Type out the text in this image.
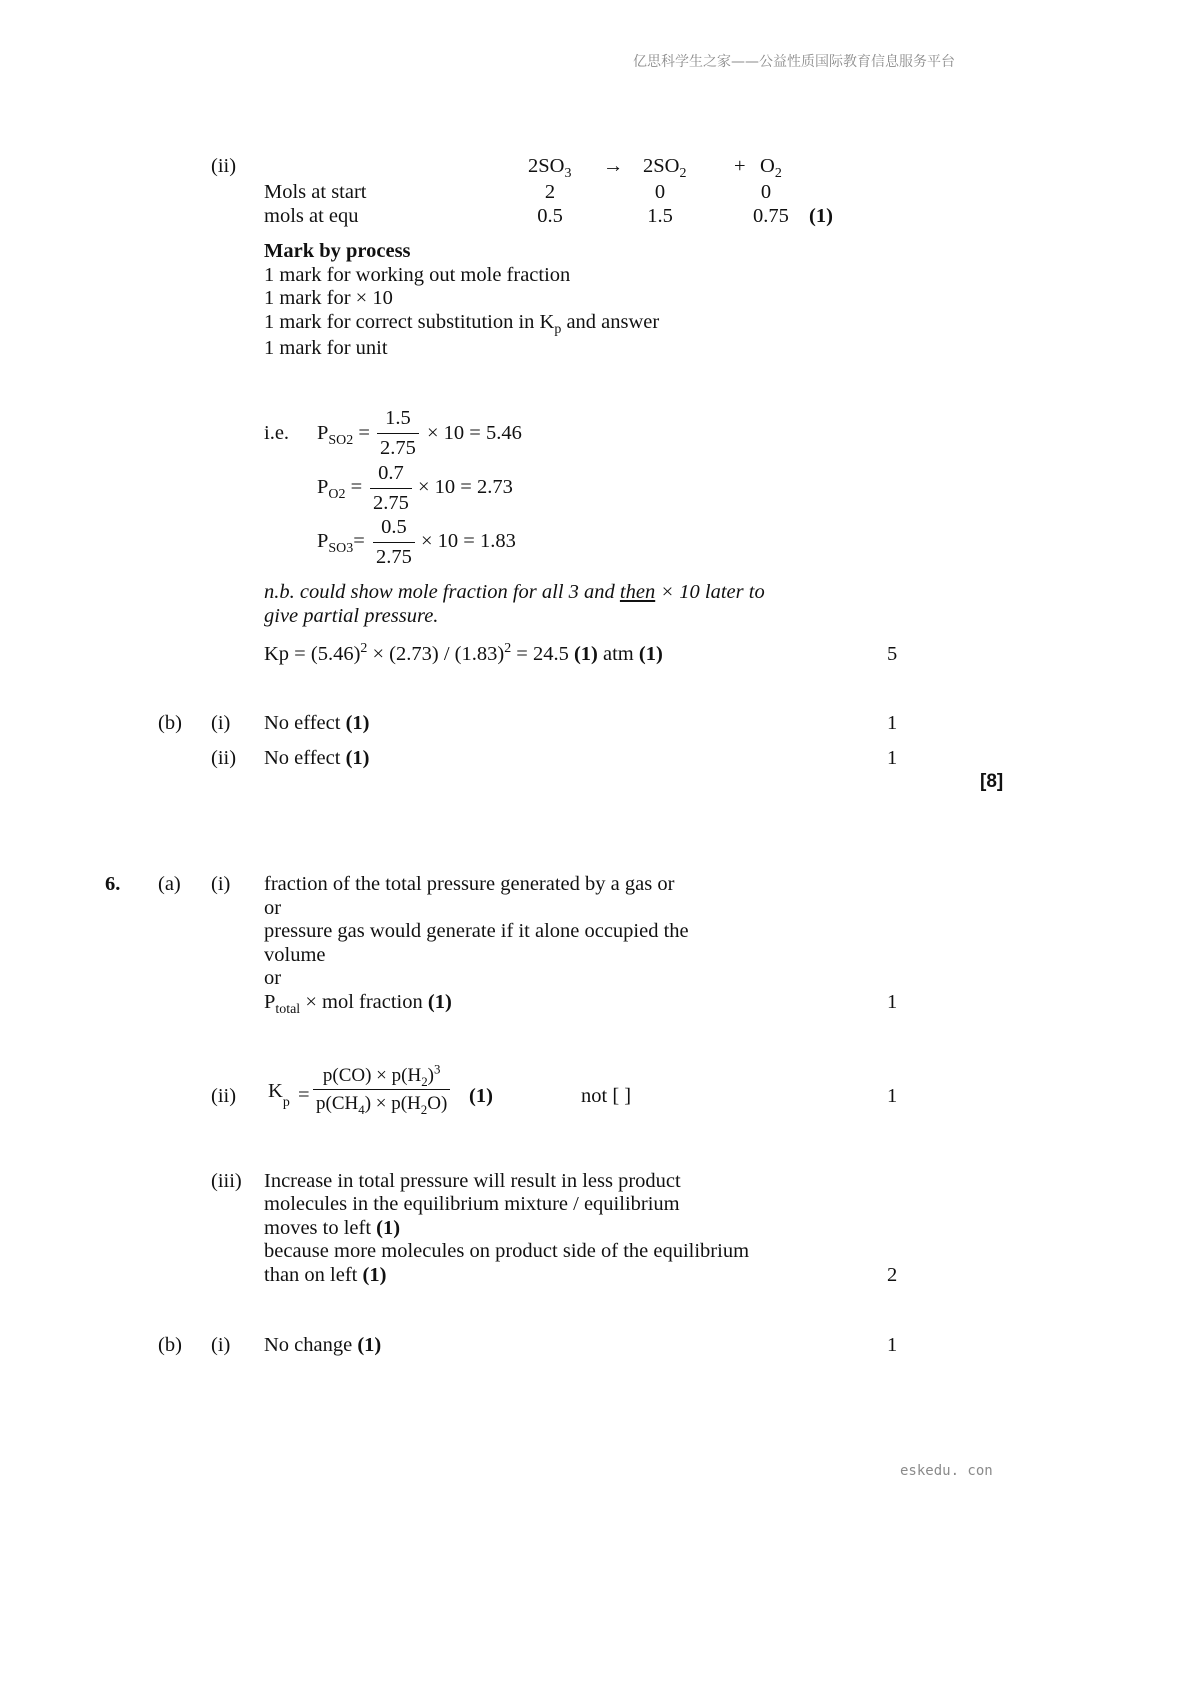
亿思科学生之家——公益性质国际教育信息服务平台
eskedu. con
(ii)	$2SO_3 \to 2SO_2 + O_2$
Mols at start	2	0	0
mols at equ	0.5	1.5	0.75 (1)
Mark by process
1 mark for working out mole fraction
1 mark for × 10
1 mark for correct substitution in $K_p$ and answer
1 mark for unit
i.e. $P_{SO2} = \frac{1.5}{2.75} \times 10 = 5.46$
$P_{O2} = \frac{0.7}{2.75} \times 10 = 2.73$
$P_{SO3}= \frac{0.5}{2.75} \times 10 = 1.83$
n.b. could show mole fraction for all 3 and then × 10 later to
give partial pressure.
$Kp = (5.46)^2 \times (2.73) / (1.83)^2 = 24.5$ (1) atm (1)	5
(b) (i) No effect (1)	1
(ii) No effect (1)	1
[8]
6. (a) (i) fraction of the total pressure generated by a gas or
or
pressure gas would generate if it alone occupied the
volume
or
$P_{total}$ × mol fraction (1)	1
(ii) $K_p = \frac{p(CO) \times p(H_2)^3}{p(CH_4) \times p(H_2O)} (1)$	not [ ]	1
(iii) Increase in total pressure will result in less product
molecules in the equilibrium mixture / equilibrium
moves to left (1)
because more molecules on product side of the equilibrium
than on left (1)	2
(b) (i) No change (1)	1
